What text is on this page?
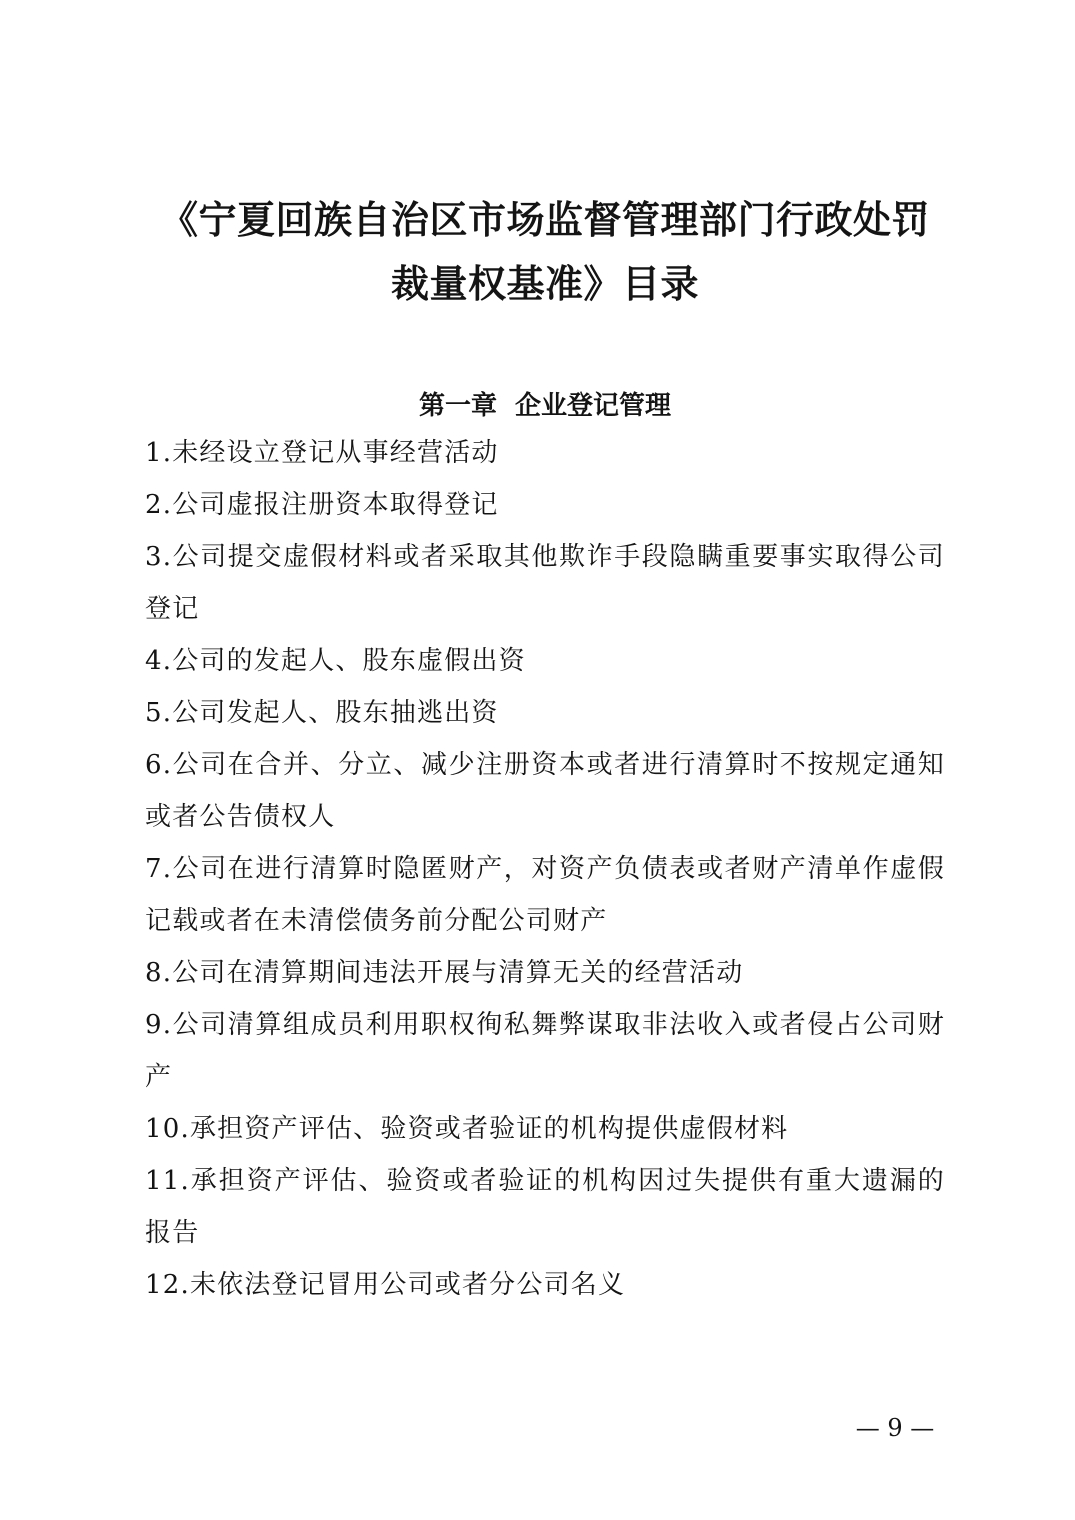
《宁夏回族自治区市场监督管理部门行政处罚
裁量权基准》目录
第一章  企业登记管理
1.未经设立登记从事经营活动
2.公司虚报注册资本取得登记
3.公司提交虚假材料或者采取其他欺诈手段隐瞒重要事实取得公司登记
4.公司的发起人、股东虚假出资
5.公司发起人、股东抽逃出资
6.公司在合并、分立、减少注册资本或者进行清算时不按规定通知或者公告债权人
7.公司在进行清算时隐匿财产，对资产负债表或者财产清单作虚假记载或者在未清偿债务前分配公司财产
8.公司在清算期间违法开展与清算无关的经营活动
9.公司清算组成员利用职权徇私舞弊谋取非法收入或者侵占公司财产
10.承担资产评估、验资或者验证的机构提供虚假材料
11.承担资产评估、验资或者验证的机构因过失提供有重大遗漏的报告
12.未依法登记冒用公司或者分公司名义
— 9 —
